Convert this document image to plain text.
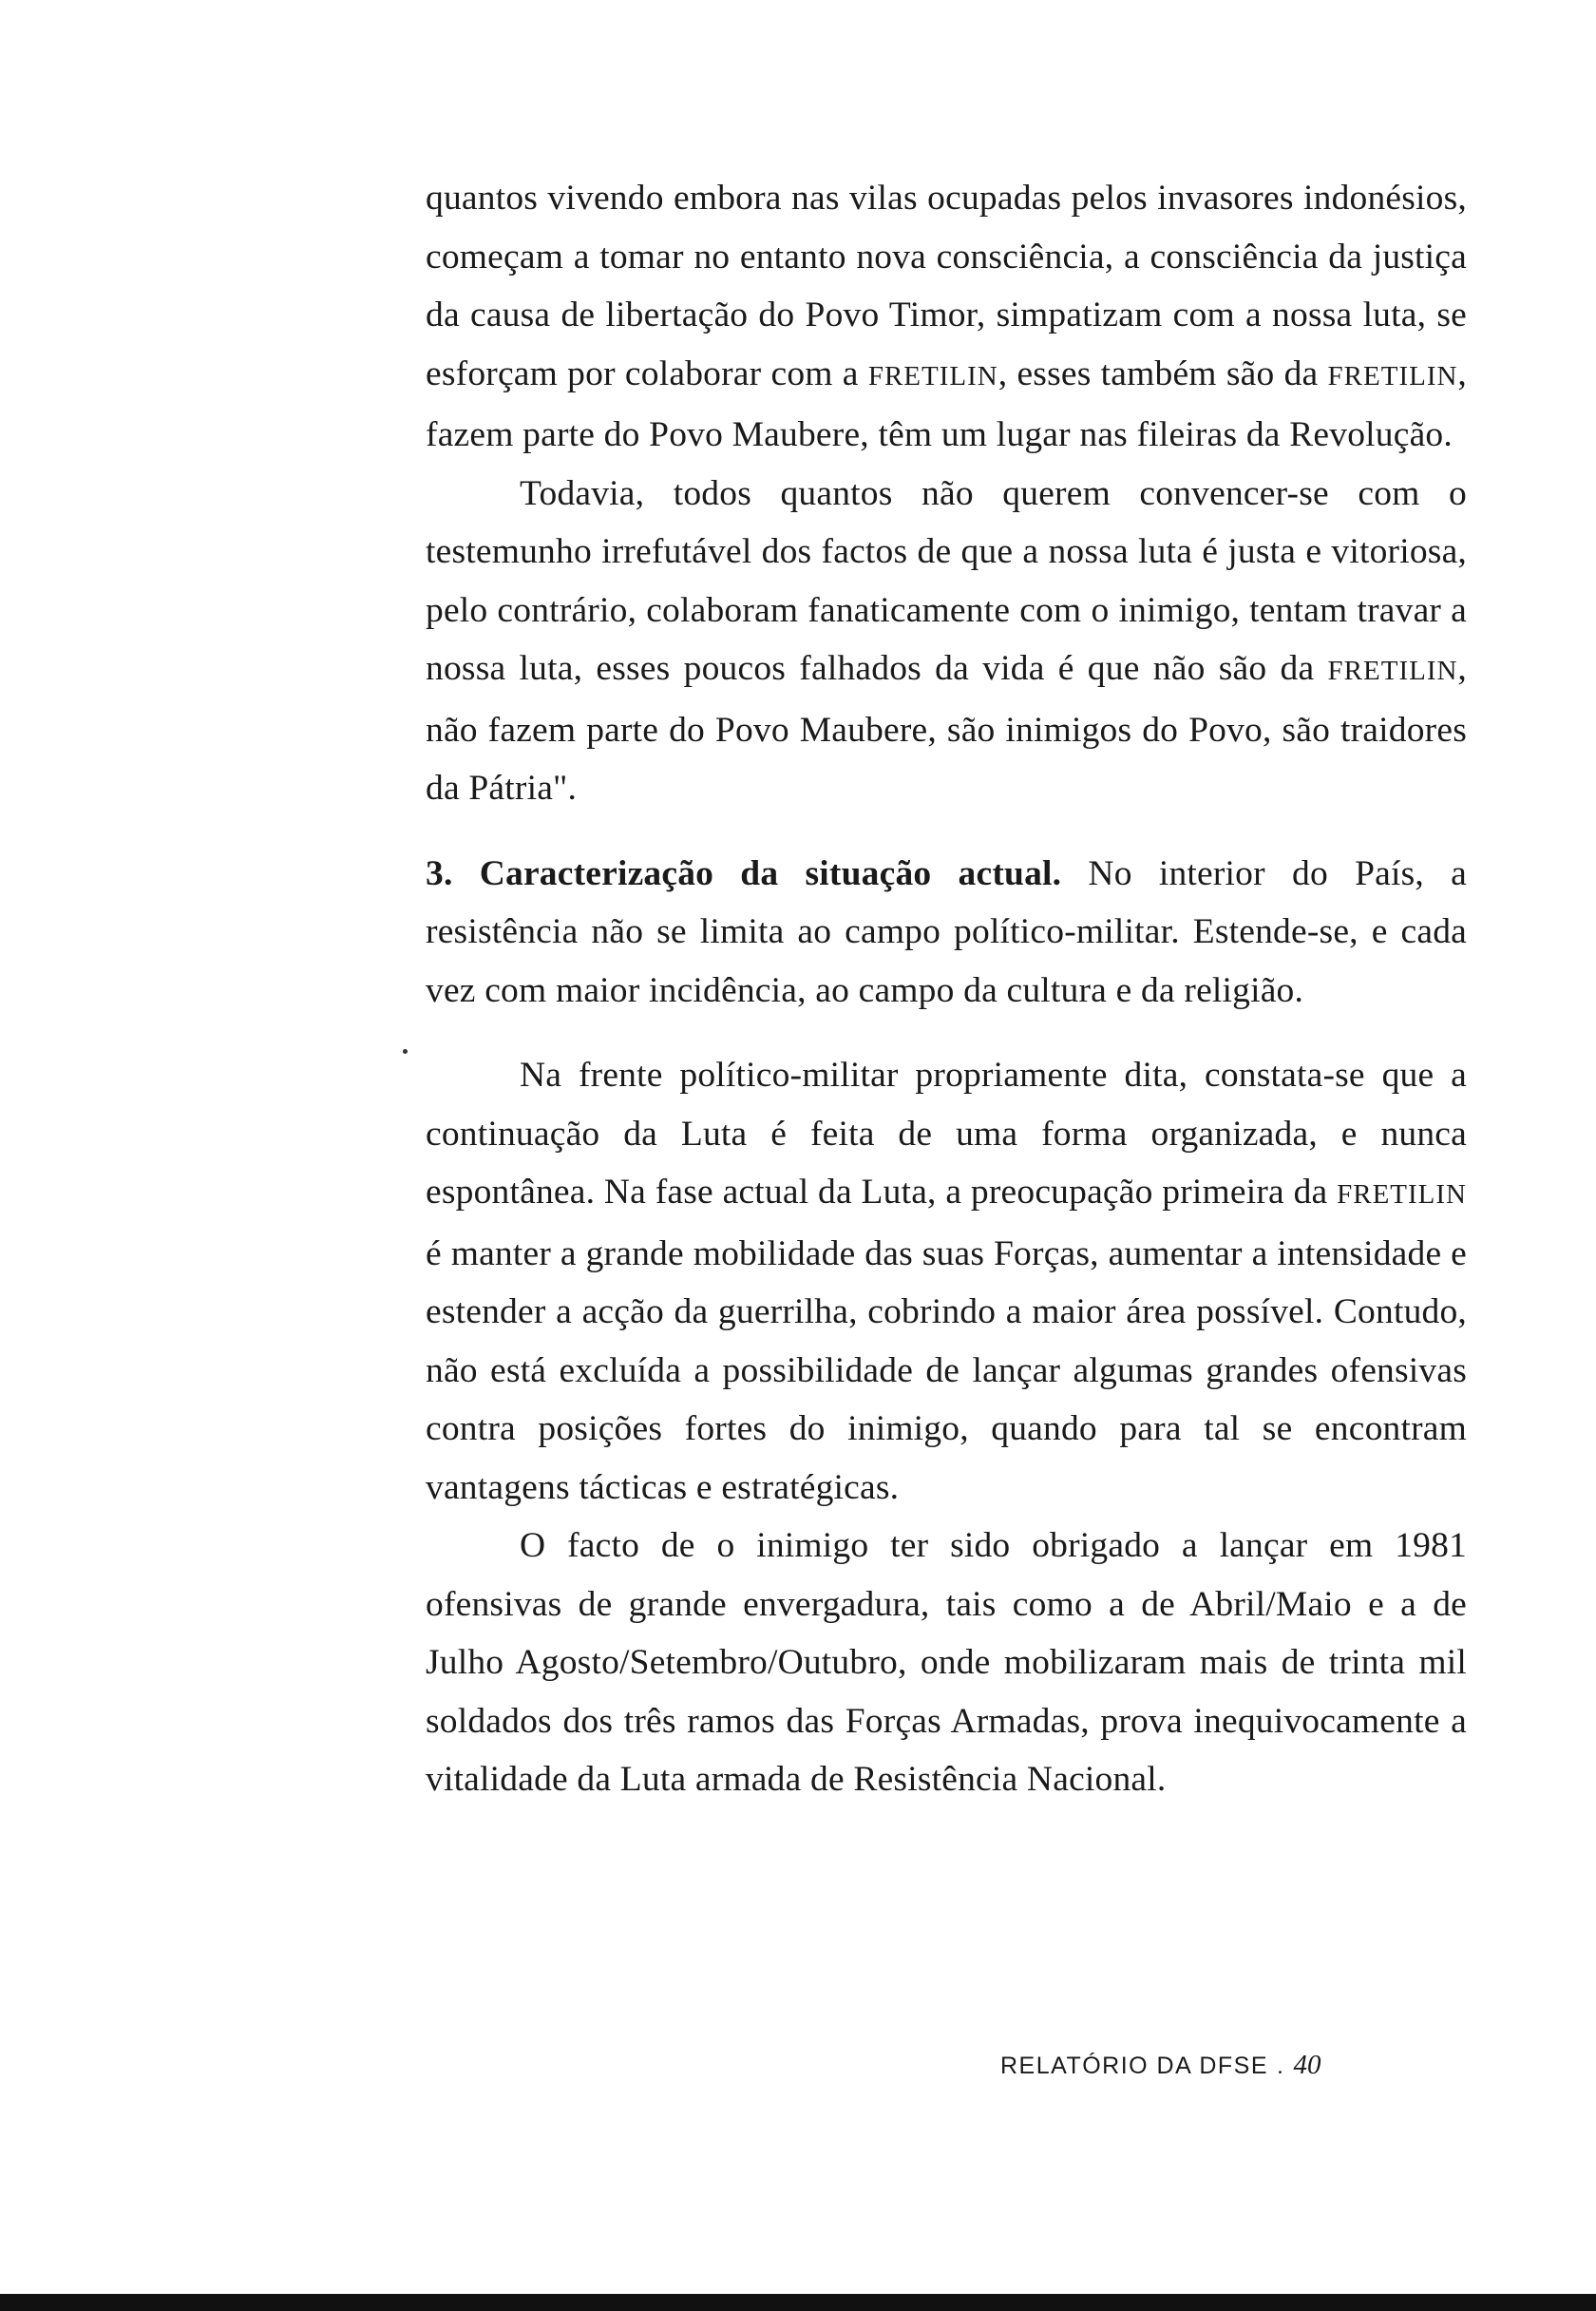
quantos vivendo embora nas vilas ocupadas pelos invasores indonésios, começam a tomar no entanto nova consciência, a consciência da justiça da causa de libertação do Povo Timor, simpatizam com a nossa luta, se esforçam por colaborar com a FRETILIN, esses também são da FRETILIN, fazem parte do Povo Maubere, têm um lugar nas fileiras da Revolução.

Todavia, todos quantos não querem convencer-se com o testemunho irrefutável dos factos de que a nossa luta é justa e vitoriosa, pelo contrário, colaboram fanaticamente com o inimigo, tentam travar a nossa luta, esses poucos falhados da vida é que não são da FRETILIN, não fazem parte do Povo Maubere, são inimigos do Povo, são traidores da Pátria".

3. Caracterização da situação actual. No interior do País, a resistência não se limita ao campo político-militar. Estende-se, e cada vez com maior incidência, ao campo da cultura e da religião.

Na frente político-militar propriamente dita, constata-se que a continuação da Luta é feita de uma forma organizada, e nunca espontânea. Na fase actual da Luta, a preocupação primeira da FRETILIN é manter a grande mobilidade das suas Forças, aumentar a intensidade e estender a acção da guerrilha, cobrindo a maior área possível. Contudo, não está excluída a possibilidade de lançar algumas grandes ofensivas contra posições fortes do inimigo, quando para tal se encontram vantagens tácticas e estratégicas.

O facto de o inimigo ter sido obrigado a lançar em 1981 ofensivas de grande envergadura, tais como a de Abril/Maio e a de Julho Agosto/Setembro/Outubro, onde mobilizaram mais de trinta mil soldados dos três ramos das Forças Armadas, prova inequivocamente a vitalidade da Luta armada de Resistência Nacional.

RELATÓRIO DA DFSE . 40
